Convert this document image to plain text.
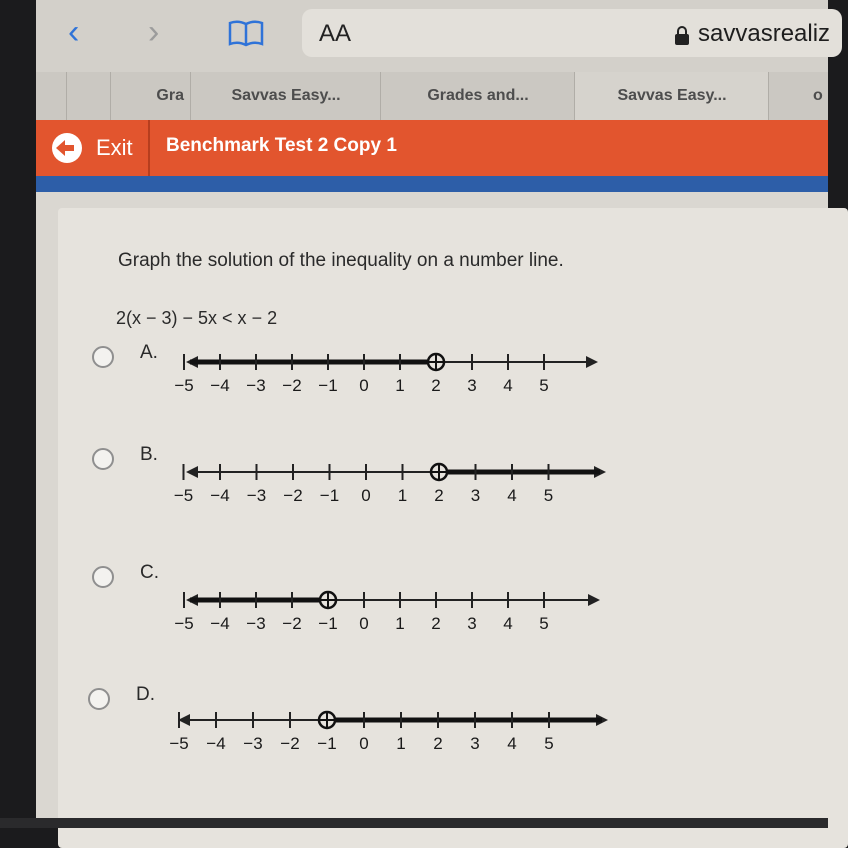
‹ ›	AA	savvasrealiz
Gra	Savvas Easy...	Grades and...	Savvas Easy...	o
Exit Benchmark Test 2 Copy 1
Graph the solution of the inequality on a number line.
2(x − 3) − 5x < x − 2
A.
−5 −4 −3 −2 −1 0 1 2 3 4 5
B.
−5 −4 −3 −2 −1 0 1 2 3 4 5
C.
−5 −4 −3 −2 −1 0 1 2 3 4 5
D.
−5 −4 −3 −2 −1 0 1 2 3 4 5
